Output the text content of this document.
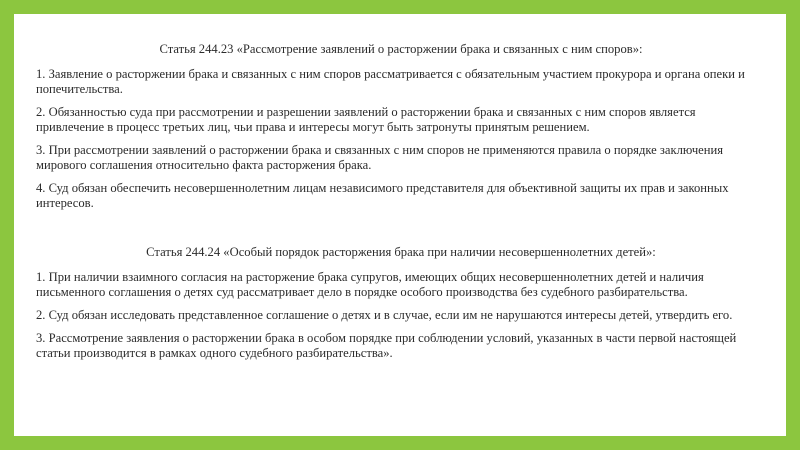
Статья 244.23 «Рассмотрение заявлений о расторжении брака и связанных с ним споров»:
1. Заявление о расторжении брака и связанных с ним споров рассматривается с обязательным участием прокурора и органа опеки и попечительства.
2. Обязанностью суда при рассмотрении и разрешении заявлений о расторжении брака и связанных с ним споров является привлечение в процесс третьих лиц, чьи права и интересы могут быть затронуты принятым решением.
3. При рассмотрении заявлений о расторжении брака и связанных с ним споров не применяются правила о порядке заключения мирового соглашения относительно факта расторжения брака.
4. Суд обязан обеспечить несовершеннолетним лицам независимого представителя для объективной защиты их прав и законных интересов.
Статья 244.24 «Особый порядок расторжения брака при наличии несовершеннолетних детей»:
1. При наличии взаимного согласия на расторжение брака супругов, имеющих общих несовершеннолетних детей и наличия письменного соглашения о детях суд рассматривает дело в порядке особого производства без судебного разбирательства.
2. Суд обязан исследовать представленное соглашение о детях и в случае, если им не нарушаются интересы детей, утвердить его.
3. Рассмотрение заявления о расторжении брака в особом порядке при соблюдении условий, указанных в части первой настоящей статьи производится в рамках одного судебного разбирательства».
